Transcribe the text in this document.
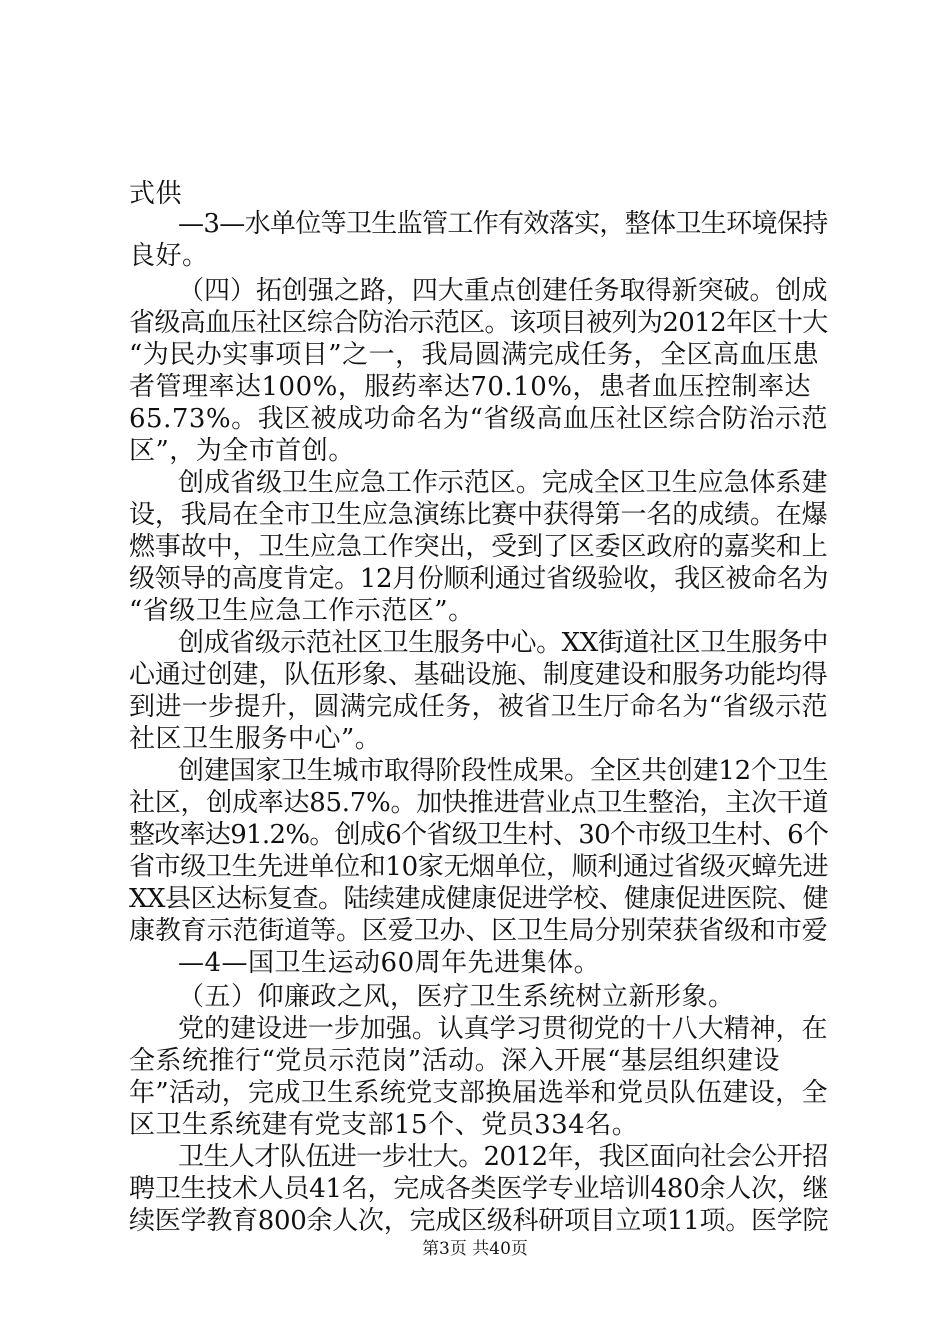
式供
—3—水单位等卫生监管工作有效落实，整体卫生环境保持
良好。
（四）拓创强之路，四大重点创建任务取得新突破。创成
省级高血压社区综合防治示范区。该项目被列为2012年区十大
“为民办实事项目”之一，我局圆满完成任务，全区高血压患
者管理率达100%，服药率达70.10%，患者血压控制率达
65.73%。我区被成功命名为“省级高血压社区综合防治示范
区”，为全市首创。
创成省级卫生应急工作示范区。完成全区卫生应急体系建
设，我局在全市卫生应急演练比赛中获得第一名的成绩。在爆
燃事故中，卫生应急工作突出，受到了区委区政府的嘉奖和上
级领导的高度肯定。12月份顺利通过省级验收，我区被命名为
“省级卫生应急工作示范区”。
创成省级示范社区卫生服务中心。XX街道社区卫生服务中
心通过创建，队伍形象、基础设施、制度建设和服务功能均得
到进一步提升，圆满完成任务，被省卫生厅命名为“省级示范
社区卫生服务中心”。
创建国家卫生城市取得阶段性成果。全区共创建12个卫生
社区，创成率达85.7%。加快推进营业点卫生整治，主次干道
整改率达91.2%。创成6个省级卫生村、30个市级卫生村、6个
省市级卫生先进单位和10家无烟单位，顺利通过省级灭蟑先进
XX县区达标复查。陆续建成健康促进学校、健康促进医院、健
康教育示范街道等。区爱卫办、区卫生局分别荣获省级和市爱
—4—国卫生运动60周年先进集体。
（五）仰廉政之风，医疗卫生系统树立新形象。
党的建设进一步加强。认真学习贯彻党的十八大精神，在
全系统推行“党员示范岗”活动。深入开展“基层组织建设
年”活动，完成卫生系统党支部换届选举和党员队伍建设，全
区卫生系统建有党支部15个、党员334名。
卫生人才队伍进一步壮大。2012年，我区面向社会公开招
聘卫生技术人员41名，完成各类医学专业培训480余人次，继
续医学教育800余人次，完成区级科研项目立项11项。医学院
第3页 共40页
